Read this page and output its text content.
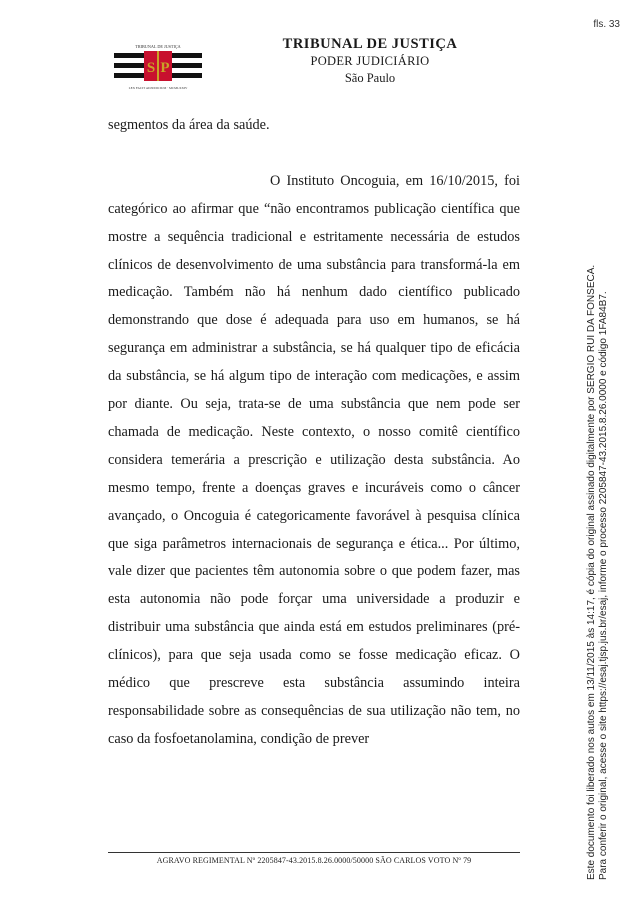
fls. 33
S P
TRIBUNAL DE JUSTIÇA
LEX FACIT ADJUDICIUM · MCMLXXIV
TRIBUNAL DE JUSTIÇA
PODER JUDICIÁRIO
São Paulo

segmentos da área da saúde.

O Instituto Oncoguia, em 16/10/2015, foi categórico ao afirmar que “não encontramos publicação científica que mostre a sequência tradicional e estritamente necessária de estudos clínicos de desenvolvimento de uma substância para transformá-la em medicação. Também não há nenhum dado científico publicado demonstrando que dose é adequada para uso em humanos, se há segurança em administrar a substância, se há qualquer tipo de eficácia da substância, se há algum tipo de interação com medicações, e assim por diante. Ou seja, trata-se de uma substância que nem pode ser chamada de medicação. Neste contexto, o nosso comitê científico considera temerária a prescrição e utilização desta substância. Ao mesmo tempo, frente a doenças graves e incuráveis como o câncer avançado, o Oncoguia é categoricamente favorável à pesquisa clínica que siga parâmetros internacionais de segurança e ética... Por último, vale dizer que pacientes têm autonomia sobre o que podem fazer, mas esta autonomia não pode forçar uma universidade a produzir e distribuir uma substância que ainda está em estudos preliminares (pré-clínicos), para que seja usada como se fosse medicação eficaz. O médico que prescreve esta substância assumindo inteira responsabilidade sobre as consequências de sua utilização não tem, no caso da fosfoetanolamina, condição de prever

AGRAVO REGIMENTAL Nº 2205847-43.2015.8.26.0000/50000 SÃO CARLOS VOTO Nº 79	Este documento foi liberado nos autos em 13/11/2015 às 14:17, é cópia do original assinado digitalmente por SERGIO RUI DA FONSECA. Para conferir o original, acesse o site https://esaj.tjsp.jus.br/esaj, informe o processo 2205847-43.2015.8.26.0000 e código 1FA84B7.
